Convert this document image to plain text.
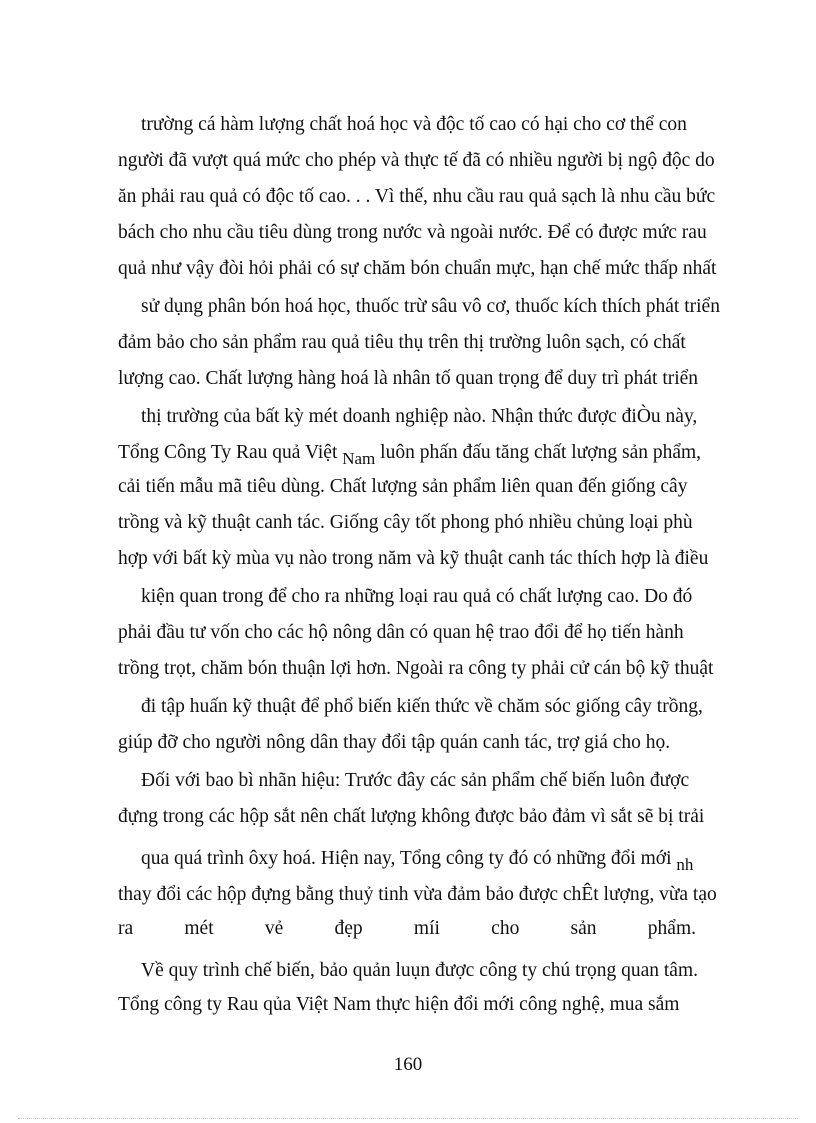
trường cá hàm lượng chất hoá học và độc tố cao có hại cho cơ thể con
người đã vượt quá mức cho phép và thực tế đã có nhiều người bị ngộ độc do
ăn phải rau quả có độc tố cao. . . Vì thế, nhu cầu rau quả sạch là nhu cầu bức
bách cho nhu cầu tiêu dùng trong nước và ngoài nước. Để có được mức rau
quả như vậy đòi hỏi phải có sự chăm bón chuẩn mực, hạn chế mức thấp nhất
sử dụng phân bón hoá học, thuốc trừ sâu vô cơ, thuốc kích thích phát triển
đảm bảo cho sản phẩm rau quả tiêu thụ trên thị trường luôn sạch, có chất
lượng cao. Chất lượng hàng hoá là nhân tố quan trọng để duy trì phát triển
thị trường của bất kỳ mét doanh nghiệp nào. Nhận thức được điÒu này,
Tổng Công Ty Rau quả Việt Nam luôn phấn đấu tăng chất lượng sản phẩm,
cải tiến mẫu mã tiêu dùng. Chất lượng sản phẩm liên quan đến giống cây
trồng và kỹ thuật canh tác. Giống cây tốt phong phó nhiều chủng loại phù
hợp với bất kỳ mùa vụ nào trong năm và kỹ thuật canh tác thích hợp là điều
kiện quan trong để cho ra những loại rau quả có chất lượng cao. Do đó
phải đầu tư vốn cho các hộ nông dân có quan hệ trao đổi để họ tiến hành
trồng trọt, chăm bón thuận lợi hơn. Ngoài ra công ty phải cử cán bộ kỹ thuật
đi tập huấn kỹ thuật để phổ biến kiến thức về chăm sóc giống cây trồng,
giúp đỡ cho người nông dân thay đổi tập quán canh tác, trợ giá cho họ.
Đối với bao bì nhãn hiệu: Trước đây các sản phẩm chế biến luôn được
đựng trong các hộp sắt nên chất lượng không được bảo đảm vì sắt sẽ bị trải
qua quá trình ôxy hoá. Hiện nay, Tổng công ty đó có những đổi mới nh
thay đổi các hộp đựng bằng thuỷ tinh vừa đảm bảo được chÊt lượng, vừa tạo
ra mét vẻ đẹp míi cho sản phẩm.
Về quy trình chế biến, bảo quản luụn được công ty chú trọng quan tâm.
Tổng công ty Rau qủa Việt Nam thực hiện đổi mới công nghệ, mua sắm
160
